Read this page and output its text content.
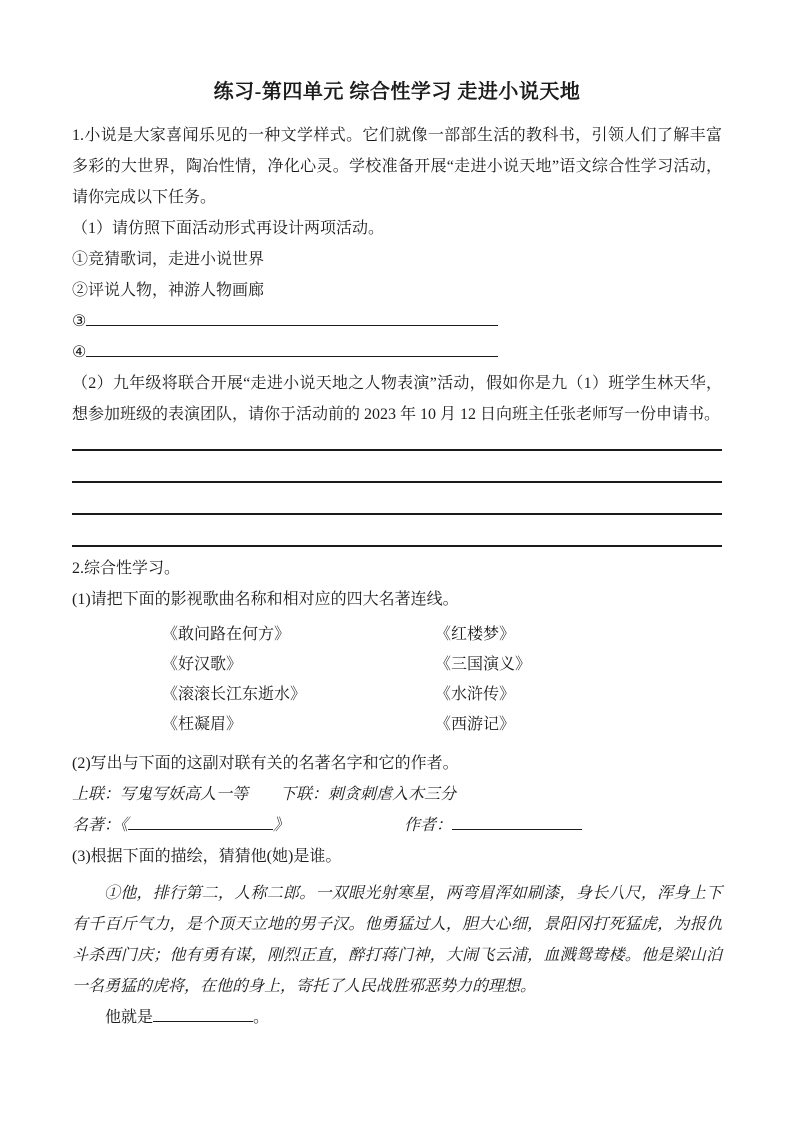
练习-第四单元 综合性学习 走进小说天地

1.小说是大家喜闻乐见的一种文学样式。它们就像一部部生活的教科书，引领人们了解丰富多彩的大世界，陶冶性情，净化心灵。学校准备开展“走进小说天地”语文综合性学习活动，请你完成以下任务。

（1）请仿照下面活动形式再设计两项活动。

①竞猜歌词，走进小说世界

②评说人物，神游人物画廊

③

④

（2）九年级将联合开展“走进小说天地之人物表演”活动，假如你是九（1）班学生林天华，想参加班级的表演团队，请你于活动前的 2023 年 10 月 12 日向班主任张老师写一份申请书。

2.综合性学习。

(1)请把下面的影视歌曲名称和相对应的四大名著连线。

《敢问路在何方》	《红楼梦》
《好汉歌》	《三国演义》
《滚滚长江东逝水》	《水浒传》
《枉凝眉》	《西游记》

(2)写出与下面的这副对联有关的名著名字和它的作者。

上联：写鬼写妖高人一等 下联：刺贪刺虐入木三分

名著：《	》	作者：

(3)根据下面的描绘，猜猜他(她)是谁。

①他，排行第二，人称二郎。一双眼光射寒星，两弯眉浑如刷漆，身长八尺，浑身上下有千百斤气力，是个顶天立地的男子汉。他勇猛过人，胆大心细，景阳冈打死猛虎，为报仇斗杀西门庆；他有勇有谋，刚烈正直，醉打蒋门神，大闹飞云浦，血溅鸳鸯楼。他是梁山泊一名勇猛的虎将，在他的身上，寄托了人民战胜邪恶势力的理想。

他就是	。
